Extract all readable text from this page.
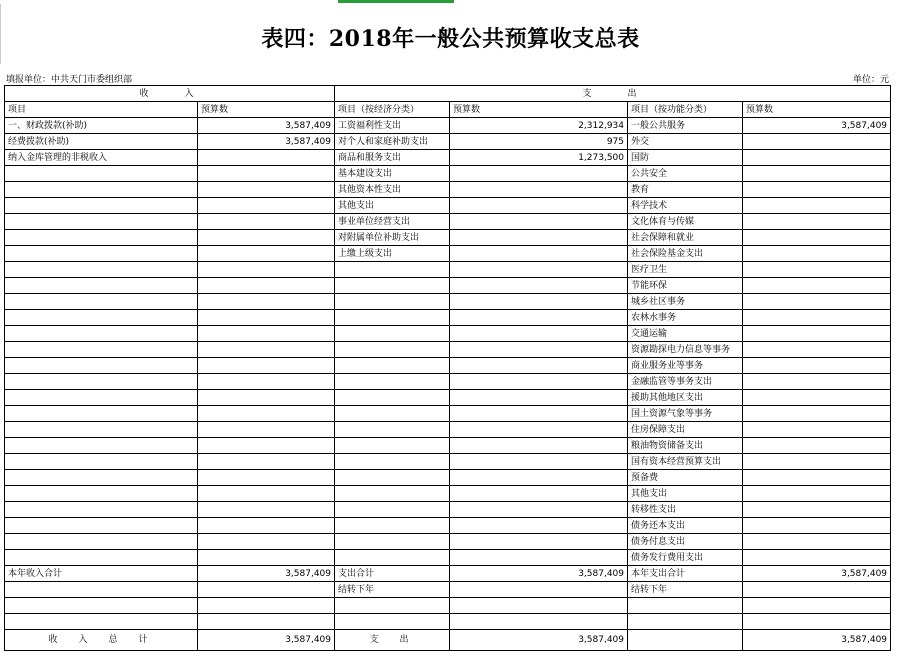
表四：2018年一般公共预算收支总表
填报单位：中共天门市委组织部	单位：元
收　　入		支　　出			
项目	预算数	项目（按经济分类）	预算数	项目（按功能分类）	预算数
一、财政拨款(补助)	3,587,409	工资福利性支出	2,312,934	一般公共服务	3,587,409
经费拨款(补助)	3,587,409	对个人和家庭补助支出	975	外交	
纳入金库管理的非税收入		商品和服务支出	1,273,500	国防	
		基本建设支出		公共安全	
		其他资本性支出		教育	
		其他支出		科学技术	
		事业单位经营支出		文化体育与传媒	
		对附属单位补助支出		社会保障和就业	
		上缴上级支出		社会保险基金支出	
				医疗卫生	
				节能环保	
				城乡社区事务	
				农林水事务	
				交通运输	
				资源勘探电力信息等事务	
				商业服务业等事务	
				金融监管等事务支出	
				援助其他地区支出	
				国土资源气象等事务	
				住房保障支出	
				粮油物资储备支出	
				国有资本经营预算支出	
				预备费	
				其他支出	
				转移性支出	
				债务还本支出	
				债务付息支出	
				债务发行费用支出	
本年收入合计	3,587,409	支出合计	3,587,409	本年支出合计	3,587,409
		结转下年		结转下年	

收　入　总　计	3,587,409	支　出	3,587,409		3,587,409
